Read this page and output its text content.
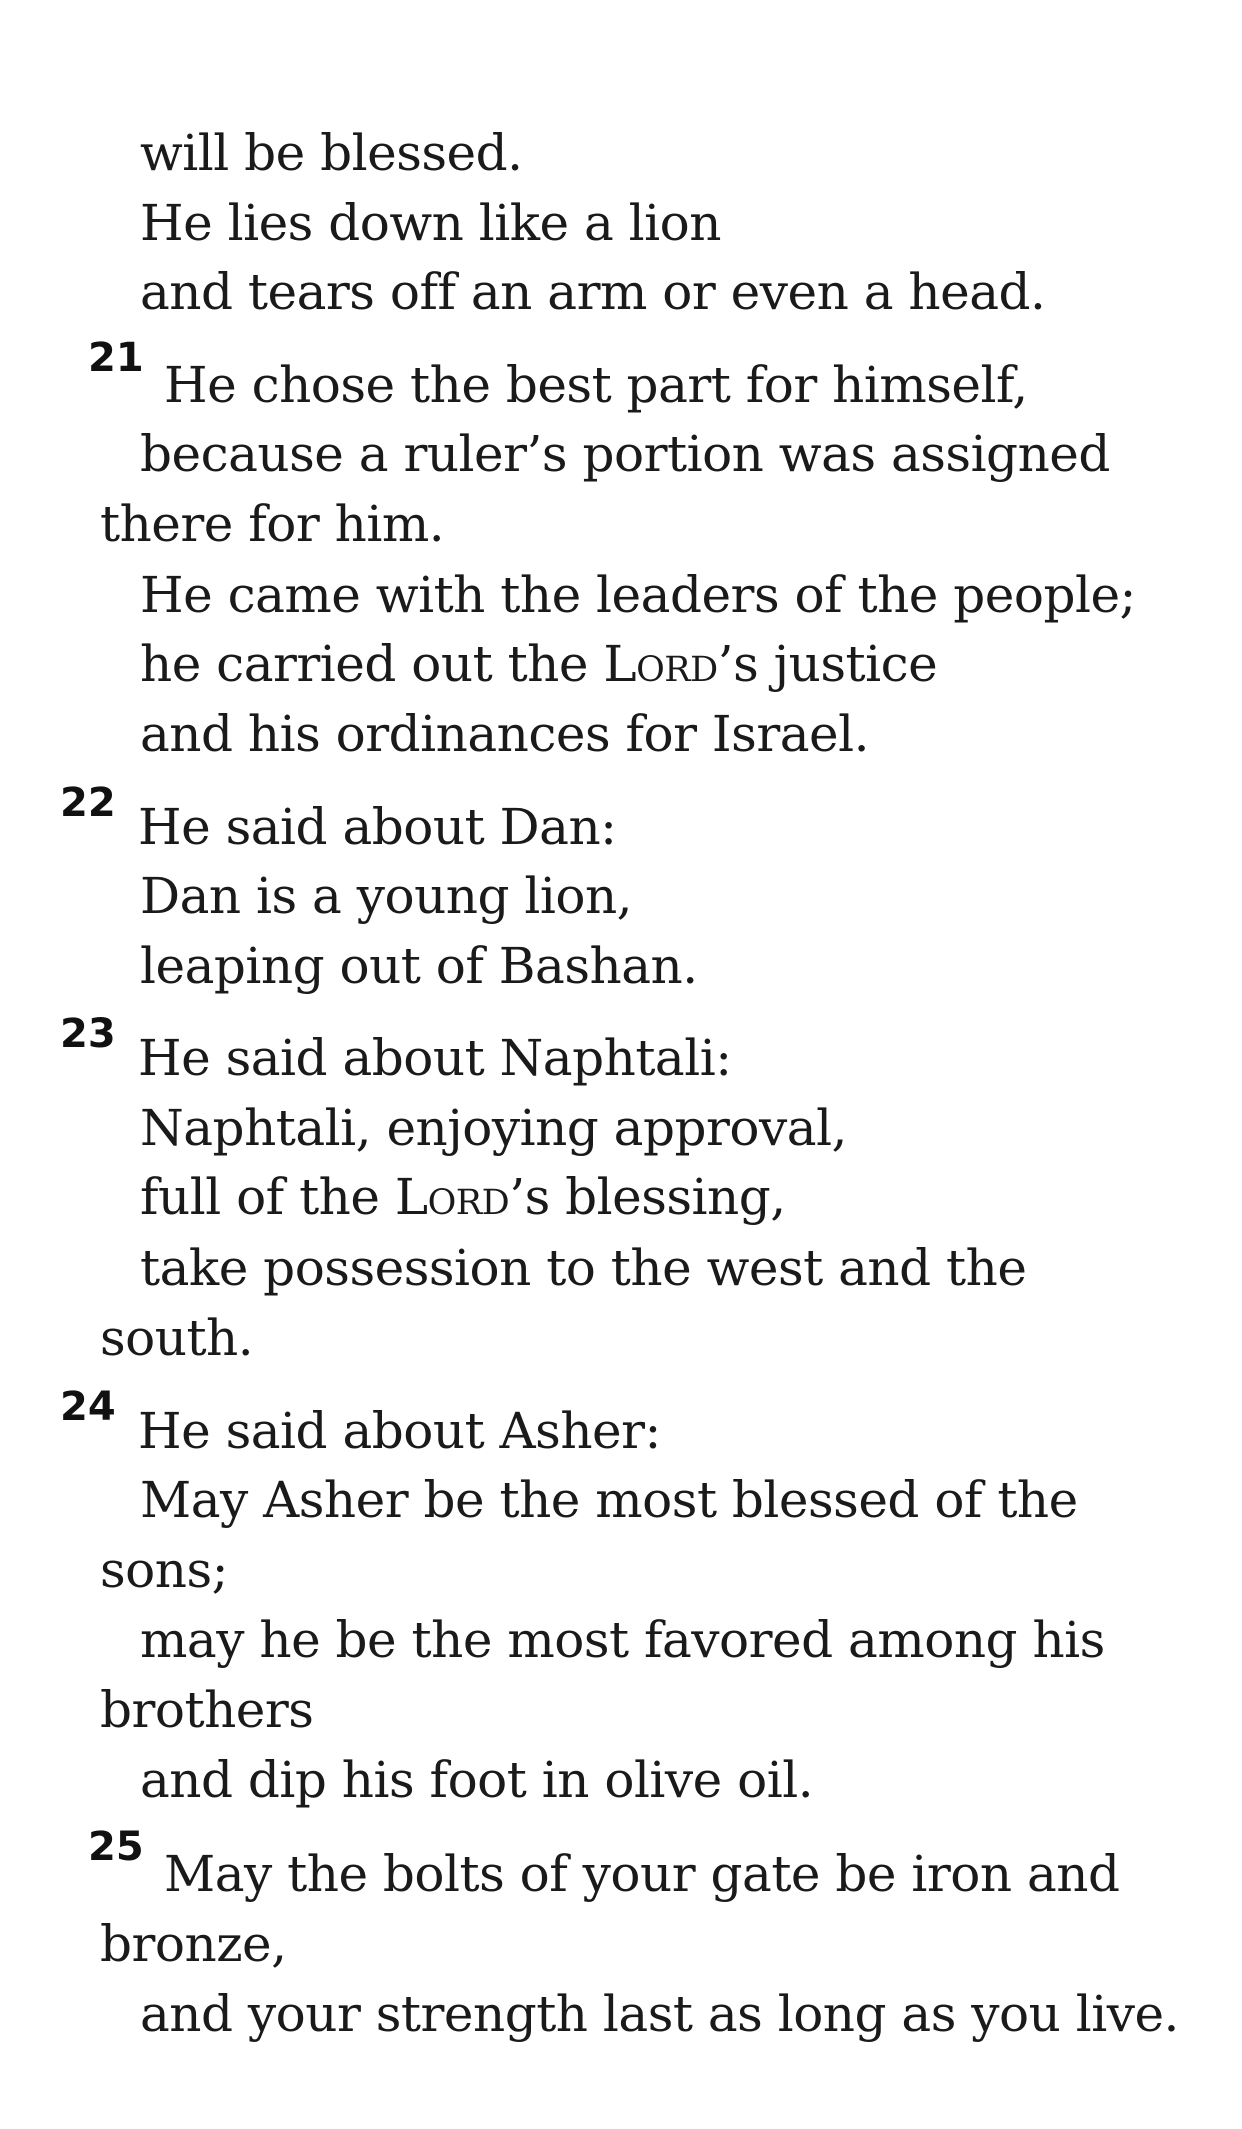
will be blessed.
He lies down like a lion
and tears off an arm or even a head.
21 He chose the best part for himself,
because a ruler’s portion was assigned
there for him.
He came with the leaders of the people;
he carried out the Lord’s justice
and his ordinances for Israel.
22 He said about Dan:
Dan is a young lion,
leaping out of Bashan.
23 He said about Naphtali:
Naphtali, enjoying approval,
full of the Lord’s blessing,
take possession to the west and the
south.
24 He said about Asher:
May Asher be the most blessed of the
sons;
may he be the most favored among his
brothers
and dip his foot in olive oil.
25 May the bolts of your gate be iron and
bronze,
and your strength last as long as you live.
